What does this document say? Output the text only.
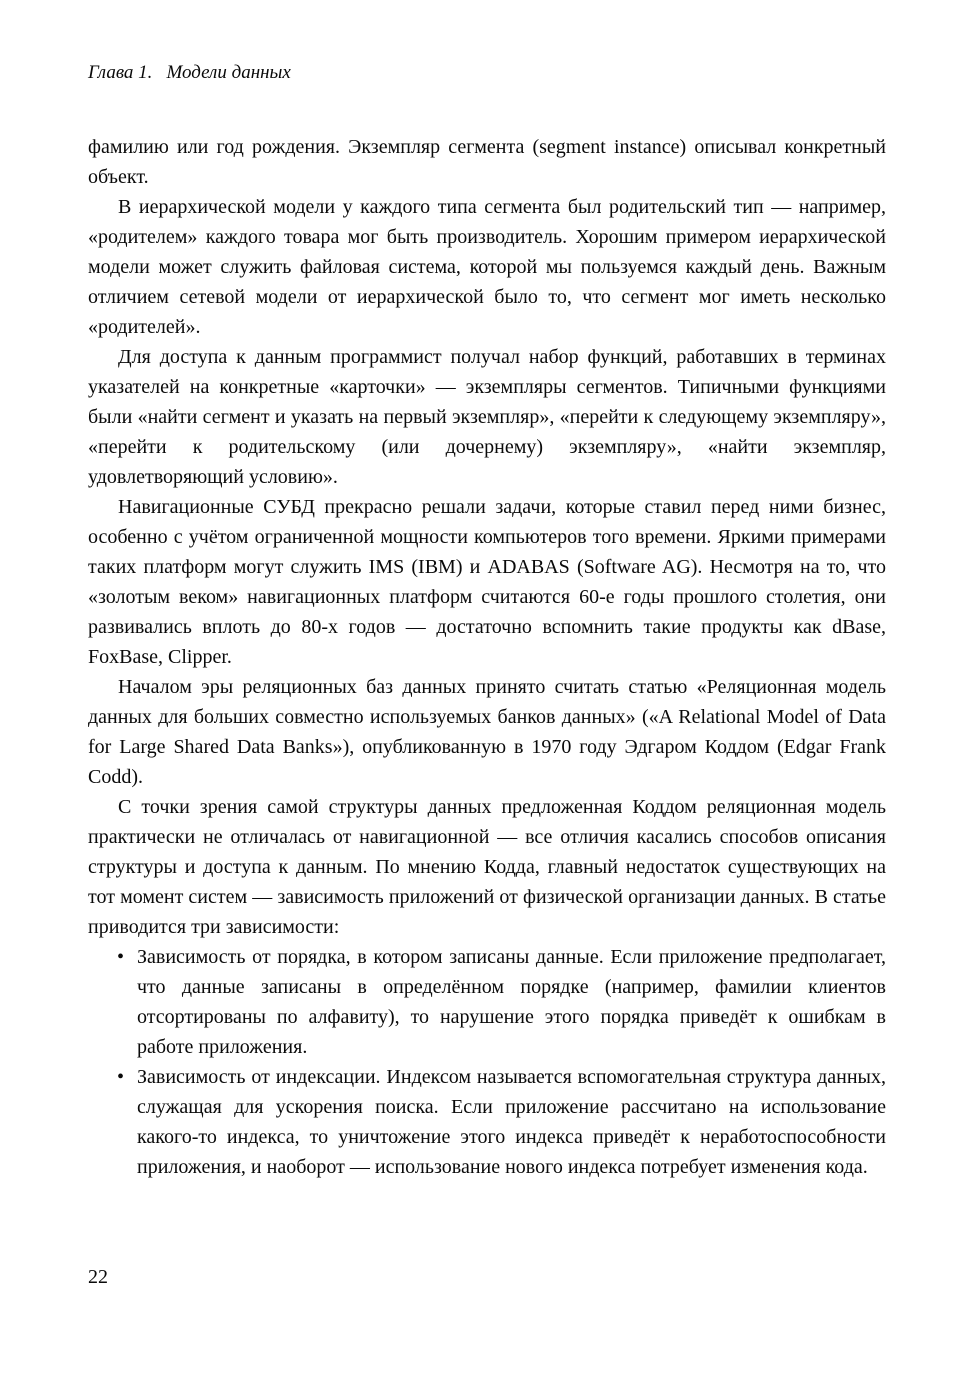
Глава 1. Модели данных

фамилию или год рождения. Экземпляр сегмента (segment instance) описывал конкретный объект.

В иерархической модели у каждого типа сегмента был родительский тип — например, «родителем» каждого товара мог быть производитель. Хорошим примером иерархической модели может служить файловая система, которой мы пользуемся каждый день. Важным отличием сетевой модели от иерархической было то, что сегмент мог иметь несколько «родителей».

Для доступа к данным программист получал набор функций, работавших в терминах указателей на конкретные «карточки» — экземпляры сегментов. Типичными функциями были «найти сегмент и указать на первый экземпляр», «перейти к следующему экземпляру», «перейти к родительскому (или дочернему) экземпляру», «найти экземпляр, удовлетворяющий условию».

Навигационные СУБД прекрасно решали задачи, которые ставил перед ними бизнес, особенно с учётом ограниченной мощности компьютеров того времени. Яркими примерами таких платформ могут служить IMS (IBM) и ADABAS (Software AG). Несмотря на то, что «золотым веком» навигационных платформ считаются 60-е годы прошлого столетия, они развивались вплоть до 80-х годов — достаточно вспомнить такие продукты как dBase, FoxBase, Clipper.

Началом эры реляционных баз данных принято считать статью «Реляционная модель данных для больших совместно используемых банков данных» («A Relational Model of Data for Large Shared Data Banks»), опубликованную в 1970 году Эдгаром Коддом (Edgar Frank Codd).

С точки зрения самой структуры данных предложенная Коддом реляционная модель практически не отличалась от навигационной — все отличия касались способов описания структуры и доступа к данным. По мнению Кодда, главный недостаток существующих на тот момент систем — зависимость приложений от физической организации данных. В статье приводится три зависимости:

• Зависимость от порядка, в котором записаны данные. Если приложение предполагает, что данные записаны в определённом порядке (например, фамилии клиентов отсортированы по алфавиту), то нарушение этого порядка приведёт к ошибкам в работе приложения.
• Зависимость от индексации. Индексом называется вспомогательная структура данных, служащая для ускорения поиска. Если приложение рассчитано на использование какого-то индекса, то уничтожение этого индекса приведёт к неработоспособности приложения, и наоборот — использование нового индекса потребует изменения кода.
22
